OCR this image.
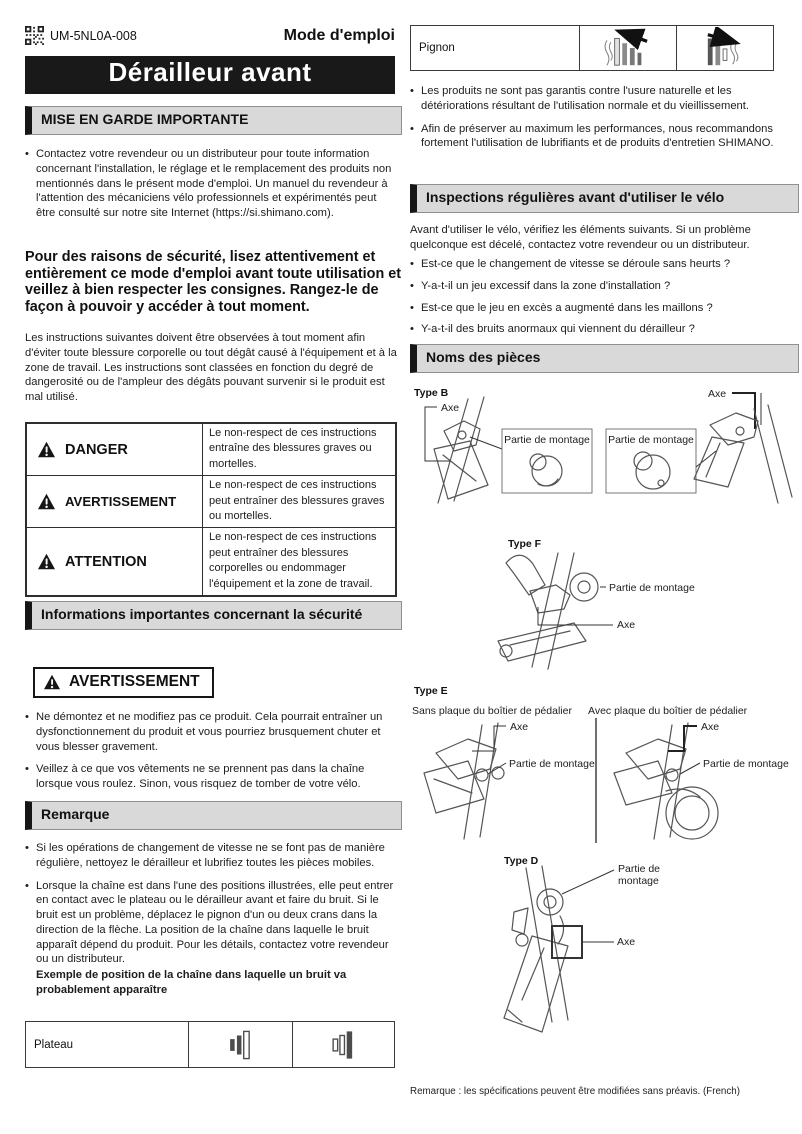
UM-5NL0A-008	Mode d'emploi
Dérailleur avant
MISE EN GARDE IMPORTANTE
• Contactez votre revendeur ou un distributeur pour toute information concernant l'installation, le réglage et le remplacement des produits non mentionnés dans le présent mode d'emploi. Un manuel du revendeur à l'attention des mécaniciens vélo professionnels et expérimentés peut être consulté sur notre site Internet (https://si.shimano.com).
Pour des raisons de sécurité, lisez attentivement et entièrement ce mode d'emploi avant toute utilisation et veillez à bien respecter les consignes. Rangez-le de façon à pouvoir y accéder à tout moment.
Les instructions suivantes doivent être observées à tout moment afin d'éviter toute blessure corporelle ou tout dégât causé à l'équipement et à la zone de travail. Les instructions sont classées en fonction du degré de dangerosité ou de l'ampleur des dégâts pouvant survenir si le produit est mal utilisé.
DANGER
Le non-respect de ces instructions entraîne des blessures graves ou mortelles.
AVERTISSEMENT
Le non-respect de ces instructions peut entraîner des blessures graves ou mortelles.
ATTENTION
Le non-respect de ces instructions peut entraîner des blessures corporelles ou endommager l'équipement et la zone de travail.
Informations importantes concernant la sécurité
AVERTISSEMENT
• Ne démontez et ne modifiez pas ce produit. Cela pourrait entraîner un dysfonctionnement du produit et vous pourriez brusquement chuter et vous blesser gravement.
• Veillez à ce que vos vêtements ne se prennent pas dans la chaîne lorsque vous roulez. Sinon, vous risquez de tomber de votre vélo.
Remarque
• Si les opérations de changement de vitesse ne se font pas de manière régulière, nettoyez le dérailleur et lubrifiez toutes les pièces mobiles.
• Lorsque la chaîne est dans l'une des positions illustrées, elle peut entrer en contact avec le plateau ou le dérailleur avant et faire du bruit. Si le bruit est un problème, déplacez le pignon d'un ou deux crans dans la direction de la flèche. La position de la chaîne dans laquelle le bruit apparaît dépend du produit. Pour les détails, contactez votre revendeur ou un distributeur.
Exemple de position de la chaîne dans laquelle un bruit va probablement apparaître
Plateau
Pignon
• Les produits ne sont pas garantis contre l'usure naturelle et les détériorations résultant de l'utilisation normale et du vieillissement.
• Afin de préserver au maximum les performances, nous recommandons fortement l'utilisation de lubrifiants et de produits d'entretien SHIMANO.
Inspections régulières avant d'utiliser le vélo
Avant d'utiliser le vélo, vérifiez les éléments suivants. Si un problème quelconque est décelé, contactez votre revendeur ou un distributeur.
• Est-ce que le changement de vitesse se déroule sans heurts ?
• Y-a-t-il un jeu excessif dans la zone d'installation ?
• Est-ce que le jeu en excès a augmenté dans les maillons ?
• Y-a-t-il des bruits anormaux qui viennent du dérailleur ?
Noms des pièces
Type B
Axe
Partie de montage Partie de montage
Axe
Type F
Partie de montage
Axe
Type E
Sans plaque du boîtier de pédalier Avec plaque du boîtier de pédalier
Axe
Partie de montage
Axe
Partie de montage
Type D
Partie de
montage
Axe
Remarque : les spécifications peuvent être modifiées sans préavis. (French)
